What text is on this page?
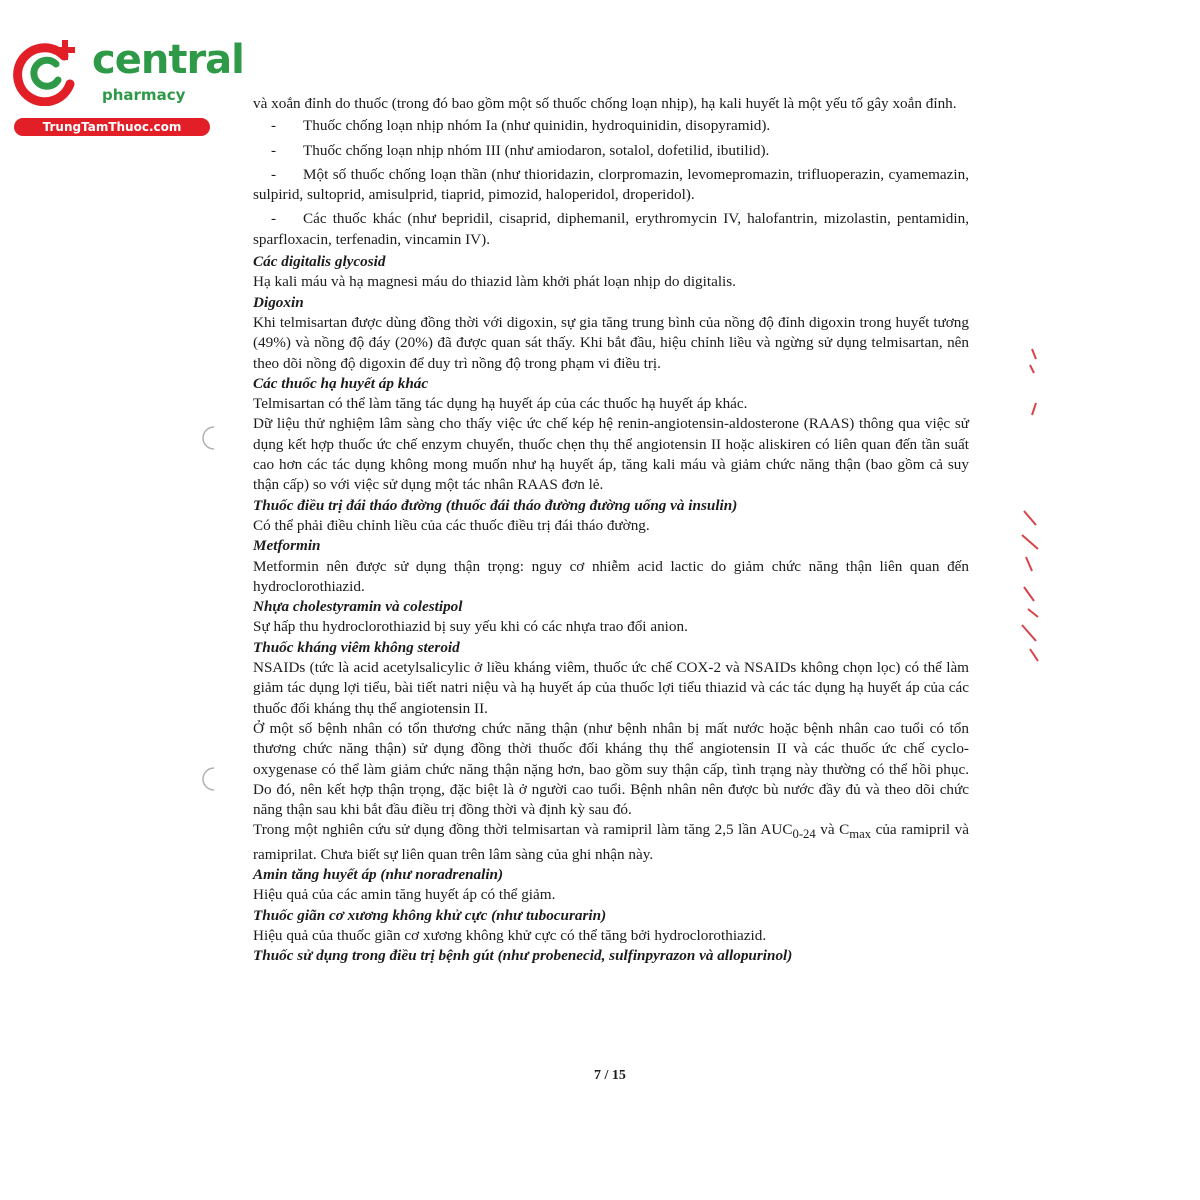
central
pharmacy
TrungTamThuoc.com

và xoắn đỉnh do thuốc (trong đó bao gồm một số thuốc chống loạn nhịp), hạ kali huyết là một yếu tố gây xoắn đỉnh.

- Thuốc chống loạn nhịp nhóm Ia (như quinidin, hydroquinidin, disopyramid).

- Thuốc chống loạn nhịp nhóm III (như amiodaron, sotalol, dofetilid, ibutilid).

- Một số thuốc chống loạn thần (như thioridazin, clorpromazin, levomepromazin, trifluoperazin, cyamemazin, sulpirid, sultoprid, amisulprid, tiaprid, pimozid, haloperidol, droperidol).

- Các thuốc khác (như bepridil, cisaprid, diphemanil, erythromycin IV, halofantrin, mizolastin, pentamidin, sparfloxacin, terfenadin, vincamin IV).

Các digitalis glycosid

Hạ kali máu và hạ magnesi máu do thiazid làm khởi phát loạn nhịp do digitalis.

Digoxin

Khi telmisartan được dùng đồng thời với digoxin, sự gia tăng trung bình của nồng độ đỉnh digoxin trong huyết tương (49%) và nồng độ đáy (20%) đã được quan sát thấy. Khi bắt đầu, hiệu chỉnh liều và ngừng sử dụng telmisartan, nên theo dõi nồng độ digoxin để duy trì nồng độ trong phạm vi điều trị.

Các thuốc hạ huyết áp khác

Telmisartan có thể làm tăng tác dụng hạ huyết áp của các thuốc hạ huyết áp khác.

Dữ liệu thử nghiệm lâm sàng cho thấy việc ức chế kép hệ renin-angiotensin-aldosterone (RAAS) thông qua việc sử dụng kết hợp thuốc ức chế enzym chuyển, thuốc chẹn thụ thể angiotensin II hoặc aliskiren có liên quan đến tần suất cao hơn các tác dụng không mong muốn như hạ huyết áp, tăng kali máu và giảm chức năng thận (bao gồm cả suy thận cấp) so với việc sử dụng một tác nhân RAAS đơn lẻ.

Thuốc điều trị đái tháo đường (thuốc đái tháo đường đường uống và insulin)

Có thể phải điều chỉnh liều của các thuốc điều trị đái tháo đường.

Metformin

Metformin nên được sử dụng thận trọng: nguy cơ nhiễm acid lactic do giảm chức năng thận liên quan đến hydroclorothiazid.

Nhựa cholestyramin và colestipol

Sự hấp thu hydroclorothiazid bị suy yếu khi có các nhựa trao đổi anion.

Thuốc kháng viêm không steroid

NSAIDs (tức là acid acetylsalicylic ở liều kháng viêm, thuốc ức chế COX-2 và NSAIDs không chọn lọc) có thể làm giảm tác dụng lợi tiểu, bài tiết natri niệu và hạ huyết áp của thuốc lợi tiểu thiazid và các tác dụng hạ huyết áp của các thuốc đối kháng thụ thể angiotensin II.

Ở một số bệnh nhân có tổn thương chức năng thận (như bệnh nhân bị mất nước hoặc bệnh nhân cao tuổi có tổn thương chức năng thận) sử dụng đồng thời thuốc đối kháng thụ thể angiotensin II và các thuốc ức chế cyclo-oxygenase có thể làm giảm chức năng thận nặng hơn, bao gồm suy thận cấp, tình trạng này thường có thể hồi phục. Do đó, nên kết hợp thận trọng, đặc biệt là ở người cao tuổi. Bệnh nhân nên được bù nước đầy đủ và theo dõi chức năng thận sau khi bắt đầu điều trị đồng thời và định kỳ sau đó.

Trong một nghiên cứu sử dụng đồng thời telmisartan và ramipril làm tăng 2,5 lần $AUC_{0-24}$ và $C_{max}$ của ramipril và ramiprilat. Chưa biết sự liên quan trên lâm sàng của ghi nhận này.

Amin tăng huyết áp (như noradrenalin)

Hiệu quả của các amin tăng huyết áp có thể giảm.

Thuốc giãn cơ xương không khử cực (như tubocurarin)

Hiệu quả của thuốc giãn cơ xương không khử cực có thể tăng bởi hydroclorothiazid.

Thuốc sử dụng trong điều trị bệnh gút (như probenecid, sulfinpyrazon và allopurinol)

7 / 15
